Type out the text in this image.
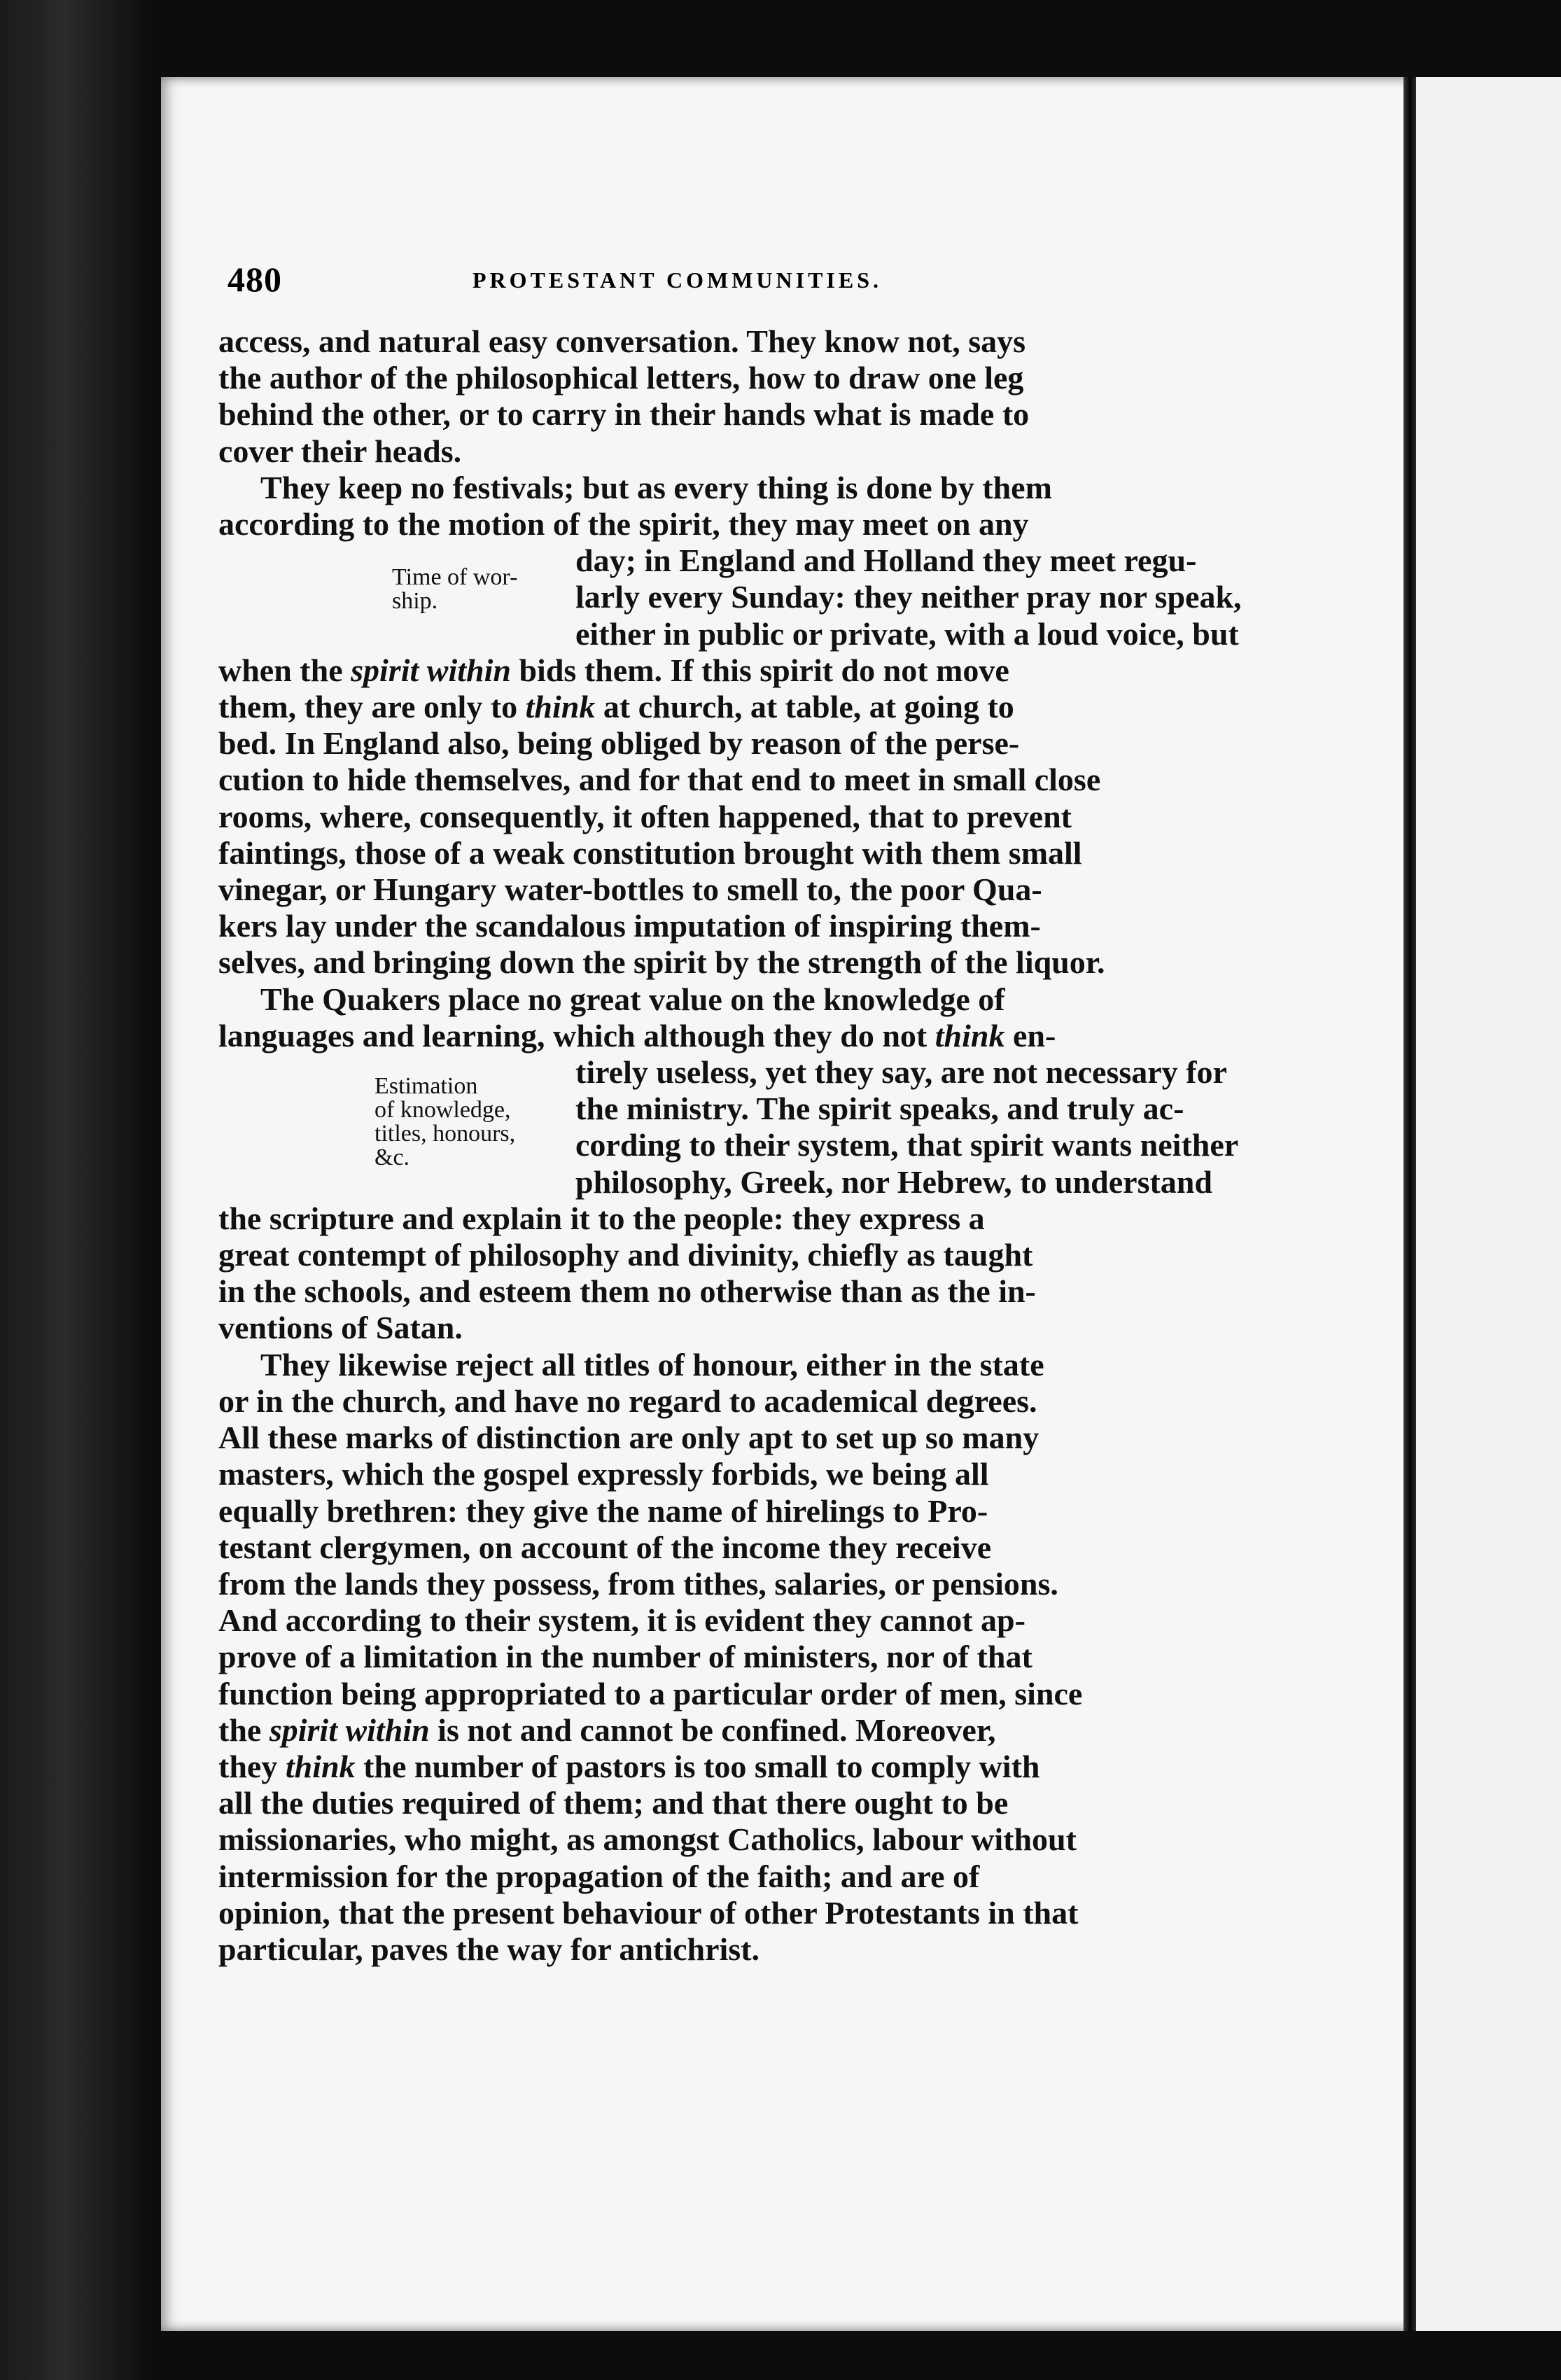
480	PROTESTANT COMMUNITIES.
Time of wor-
ship.
Estimation
of knowledge,
titles, honours,
&c.
access, and natural easy conversation. They know not, says
the author of the philosophical letters, how to draw one leg
behind the other, or to carry in their hands what is made to
cover their heads.
They keep no festivals; but as every thing is done by them
according to the motion of the spirit, they may meet on any
day; in England and Holland they meet regu-
larly every Sunday: they neither pray nor speak,
either in public or private, with a loud voice, but
when the spirit within bids them. If this spirit do not move
them, they are only to think at church, at table, at going to
bed. In England also, being obliged by reason of the perse-
cution to hide themselves, and for that end to meet in small close
rooms, where, consequently, it often happened, that to prevent
faintings, those of a weak constitution brought with them small
vinegar, or Hungary water-bottles to smell to, the poor Qua-
kers lay under the scandalous imputation of inspiring them-
selves, and bringing down the spirit by the strength of the liquor.
The Quakers place no great value on the knowledge of
languages and learning, which although they do not think en-
tirely useless, yet they say, are not necessary for
the ministry. The spirit speaks, and truly ac-
cording to their system, that spirit wants neither
philosophy, Greek, nor Hebrew, to understand
the scripture and explain it to the people: they express a
great contempt of philosophy and divinity, chiefly as taught
in the schools, and esteem them no otherwise than as the in-
ventions of Satan.
They likewise reject all titles of honour, either in the state
or in the church, and have no regard to academical degrees.
All these marks of distinction are only apt to set up so many
masters, which the gospel expressly forbids, we being all
equally brethren: they give the name of hirelings to Pro-
testant clergymen, on account of the income they receive
from the lands they possess, from tithes, salaries, or pensions.
And according to their system, it is evident they cannot ap-
prove of a limitation in the number of ministers, nor of that
function being appropriated to a particular order of men, since
the spirit within is not and cannot be confined. Moreover,
they think the number of pastors is too small to comply with
all the duties required of them; and that there ought to be
missionaries, who might, as amongst Catholics, labour without
intermission for the propagation of the faith; and are of
opinion, that the present behaviour of other Protestants in that
particular, paves the way for antichrist.
